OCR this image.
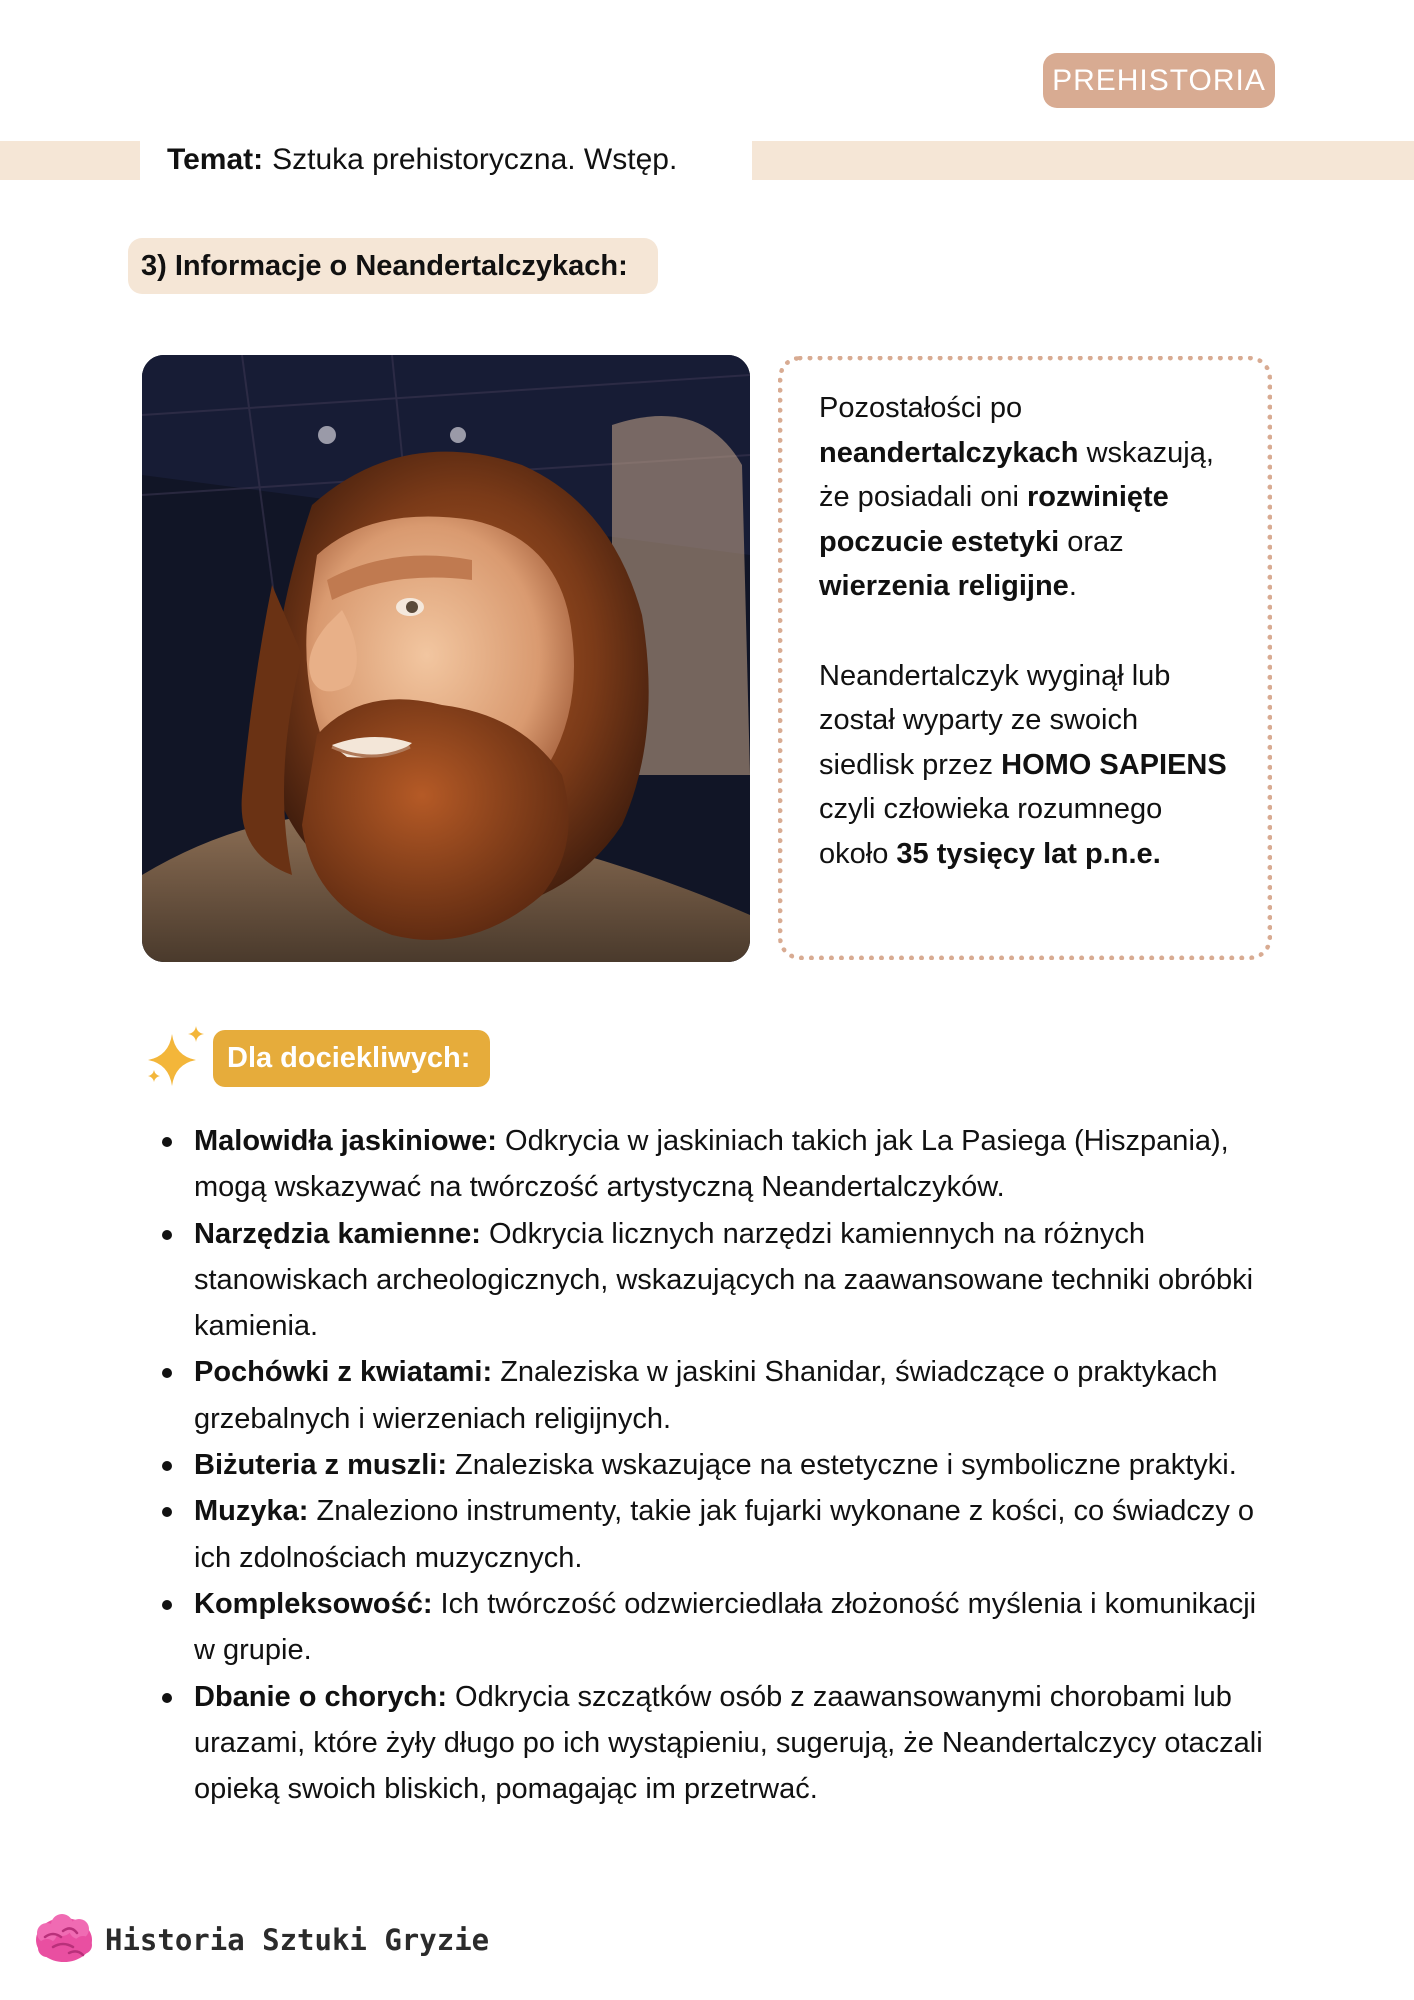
PREHISTORIA
Temat: Sztuka prehistoryczna. Wstęp.
3) Informacje o Neandertalczykach:

Pozostałości po neandertalczykach wskazują, że posiadali oni rozwinięte poczucie estetyki oraz wierzenia religijne.

Neandertalczyk wyginął lub został wyparty ze swoich siedlisk przez HOMO SAPIENS czyli człowieka rozumnego około 35 tysięcy lat p.n.e.

Dla dociekliwych:
Malowidła jaskiniowe: Odkrycia w jaskiniach takich jak La Pasiega (Hiszpania), mogą wskazywać na twórczość artystyczną Neandertalczyków.
Narzędzia kamienne: Odkrycia licznych narzędzi kamiennych na różnych stanowiskach archeologicznych, wskazujących na zaawansowane techniki obróbki kamienia.
Pochówki z kwiatami: Znaleziska w jaskini Shanidar, świadczące o praktykach grzebalnych i wierzeniach religijnych.
Biżuteria z muszli: Znaleziska wskazujące na estetyczne i symboliczne praktyki.
Muzyka: Znaleziono instrumenty, takie jak fujarki wykonane z kości, co świadczy o ich zdolnościach muzycznych.
Kompleksowość: Ich twórczość odzwierciedlała złożoność myślenia i komunikacji w grupie.
Dbanie o chorych: Odkrycia szczątków osób z zaawansowanymi chorobami lub urazami, które żyły długo po ich wystąpieniu, sugerują, że Neandertalczycy otaczali opieką swoich bliskich, pomagając im przetrwać.
Historia Sztuki Gryzie
